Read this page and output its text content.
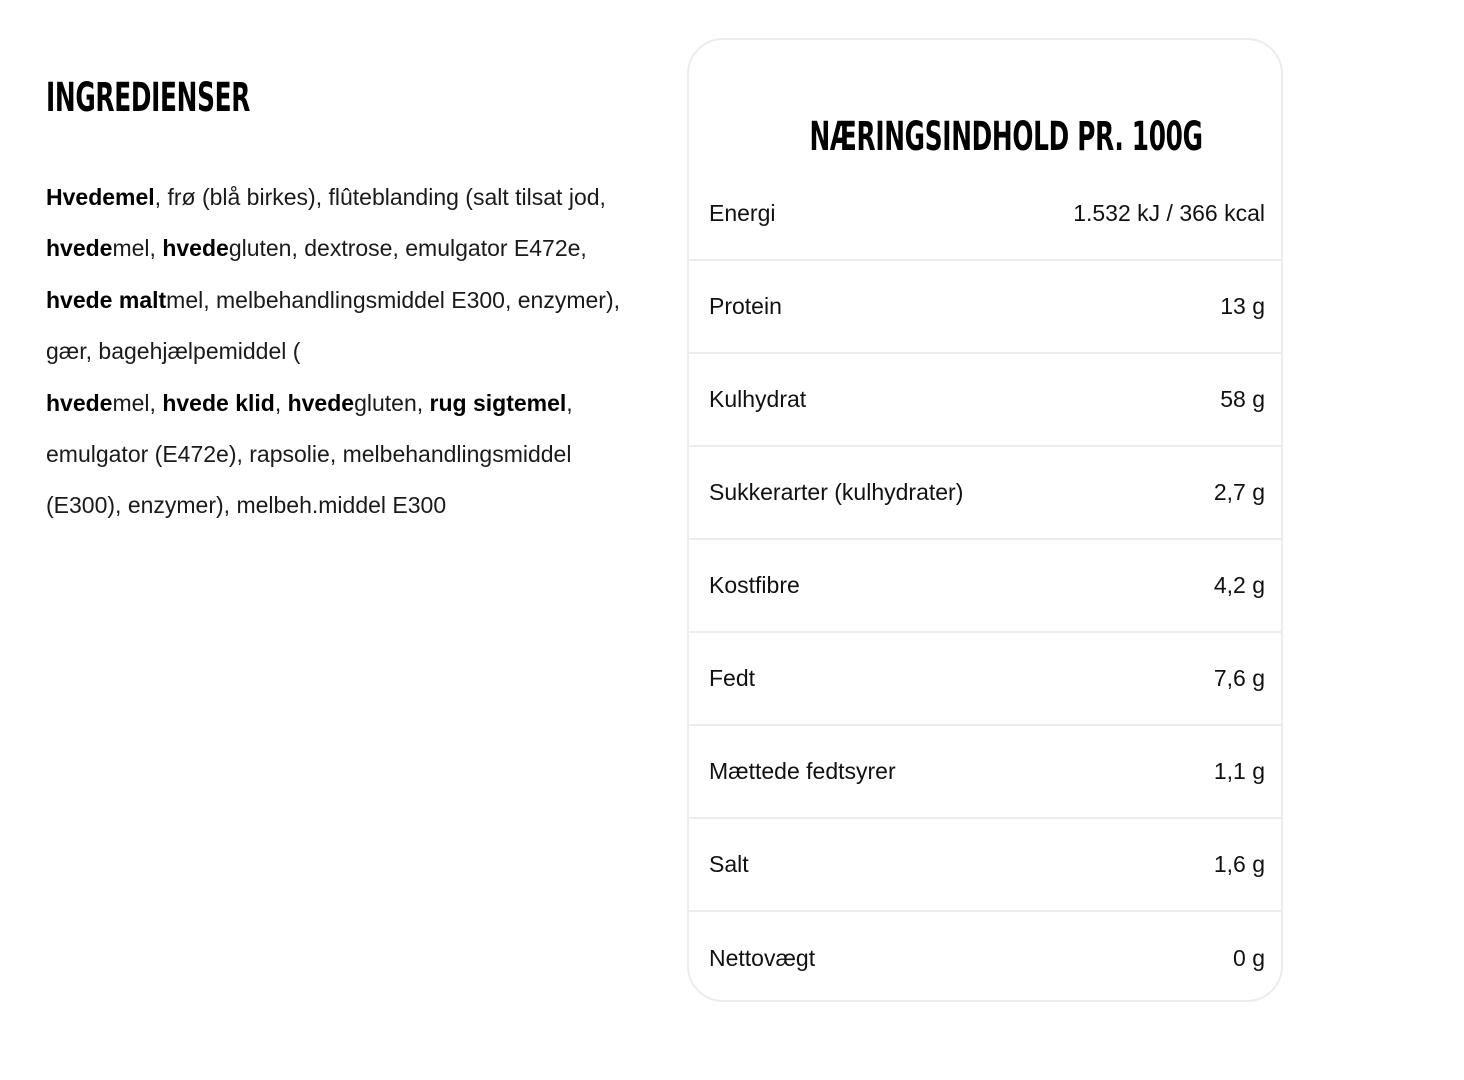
INGREDIENSER

Hvedemel, frø (blå birkes), flûteblanding (salt tilsat jod, hvedemel, hvedegluten, dextrose, emulgator E472e, hvede maltmel, melbehandlingsmiddel E300, enzymer), gær, bagehjælpemiddel (
hvedemel, hvede klid, hvedegluten, rug sigtemel, emulgator (E472e), rapsolie, melbehandlingsmiddel (E300), enzymer), melbeh.middel E300

NÆRINGSINDHOLD PR. 100G
Energi	1.532 kJ / 366 kcal
Protein	13 g
Kulhydrat	58 g
Sukkerarter (kulhydrater)	2,7 g
Kostfibre	4,2 g
Fedt	7,6 g
Mættede fedtsyrer	1,1 g
Salt	1,6 g
Nettovægt	0 g
